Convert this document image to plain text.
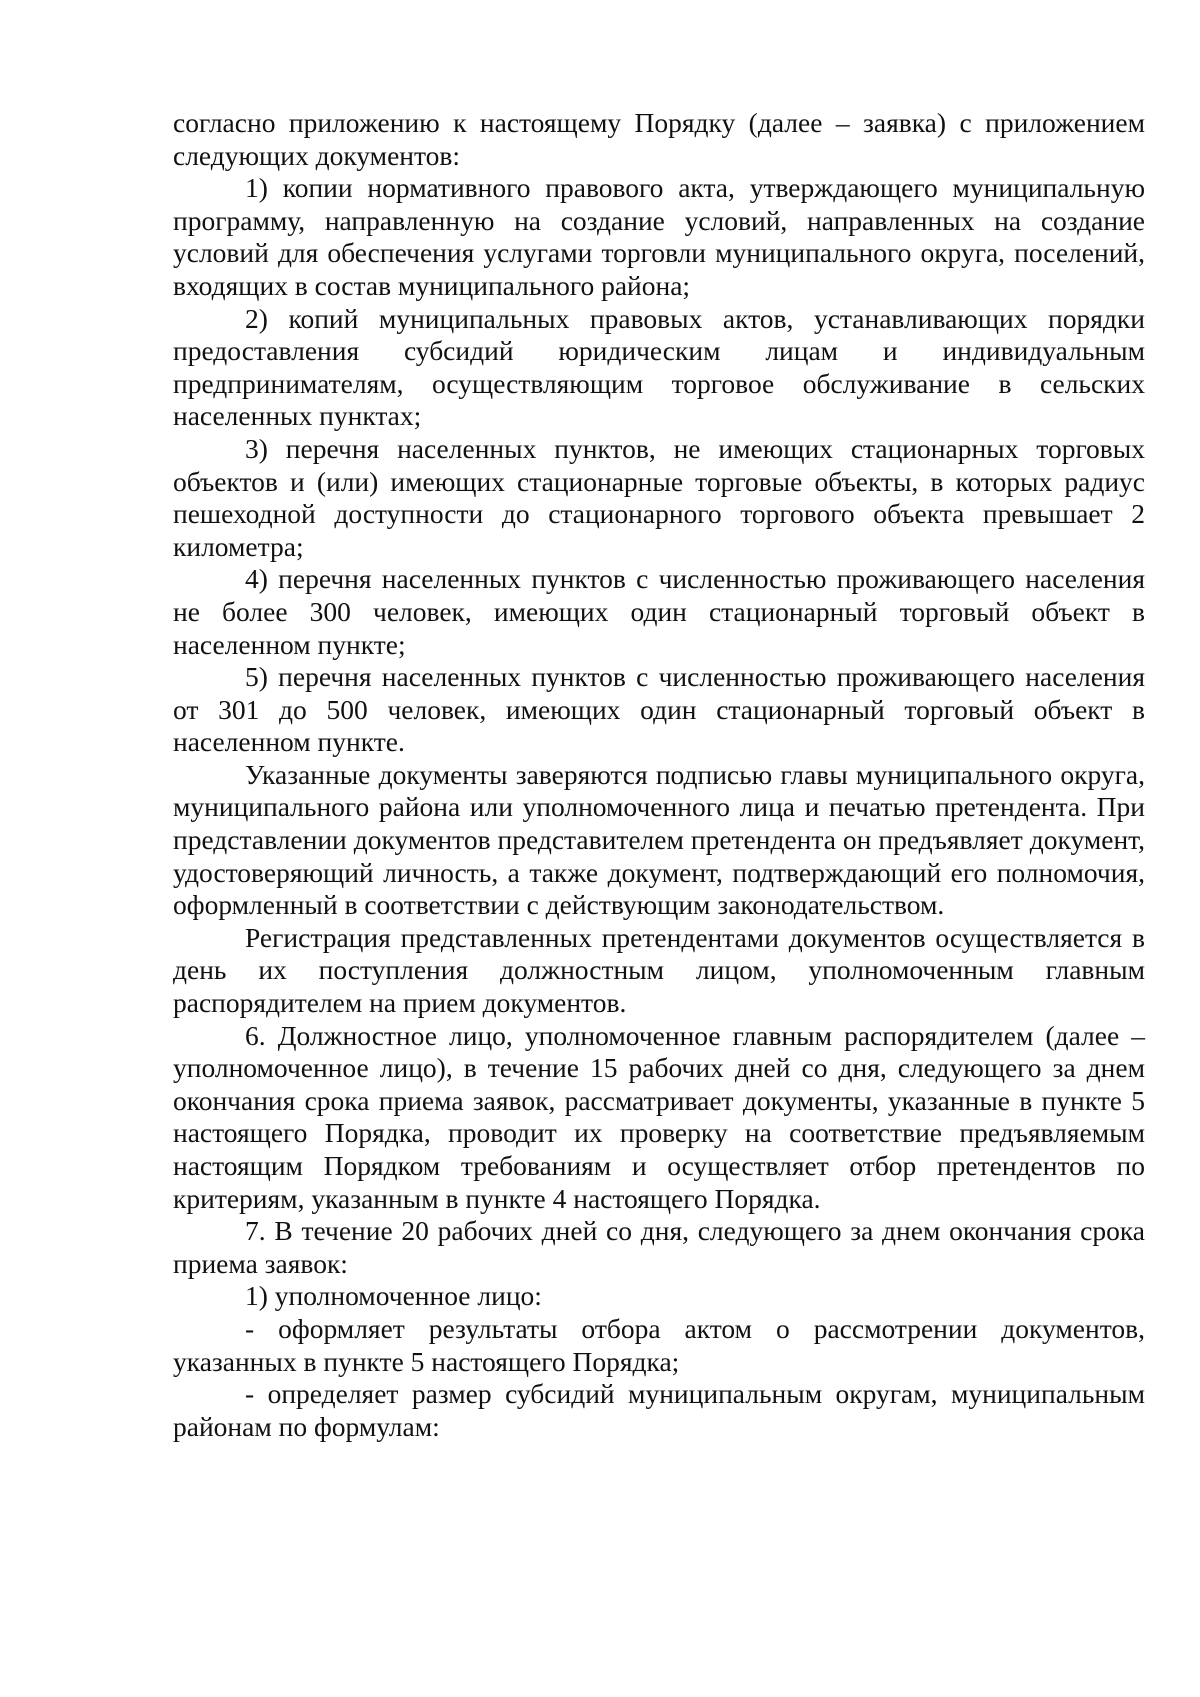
согласно приложению к настоящему Порядку (далее – заявка) с приложением следующих документов:

1) копии нормативного правового акта, утверждающего муниципальную программу, направленную на создание условий, направленных на создание условий для обеспечения услугами торговли муниципального округа, поселений, входящих в состав муниципального района;

2) копий муниципальных правовых актов, устанавливающих порядки предоставления субсидий юридическим лицам и индивидуальным предпринимателям, осуществляющим торговое обслуживание в сельских населенных пунктах;

3) перечня населенных пунктов, не имеющих стационарных торговых объектов и (или) имеющих стационарные торговые объекты, в которых радиус пешеходной доступности до стационарного торгового объекта превышает 2 километра;

4) перечня населенных пунктов с численностью проживающего населения не более 300 человек, имеющих один стационарный торговый объект в населенном пункте;

5) перечня населенных пунктов с численностью проживающего населения от 301 до 500 человек, имеющих один стационарный торговый объект в населенном пункте.

Указанные документы заверяются подписью главы муниципального округа, муниципального района или уполномоченного лица и печатью претендента. При представлении документов представителем претендента он предъявляет документ, удостоверяющий личность, а также документ, подтверждающий его полномочия, оформленный в соответствии с действующим законодательством.

Регистрация представленных претендентами документов осуществляется в день их поступления должностным лицом, уполномоченным главным распорядителем на прием документов.

6. Должностное лицо, уполномоченное главным распорядителем (далее – уполномоченное лицо), в течение 15 рабочих дней со дня, следующего за днем окончания срока приема заявок, рассматривает документы, указанные в пункте 5 настоящего Порядка, проводит их проверку на соответствие предъявляемым настоящим Порядком требованиям и осуществляет отбор претендентов по критериям, указанным в пункте 4 настоящего Порядка.

7. В течение 20 рабочих дней со дня, следующего за днем окончания срока приема заявок:

1) уполномоченное лицо:

- оформляет результаты отбора актом о рассмотрении документов, указанных в пункте 5 настоящего Порядка;

- определяет размер субсидий муниципальным округам, муниципальным районам по формулам:
